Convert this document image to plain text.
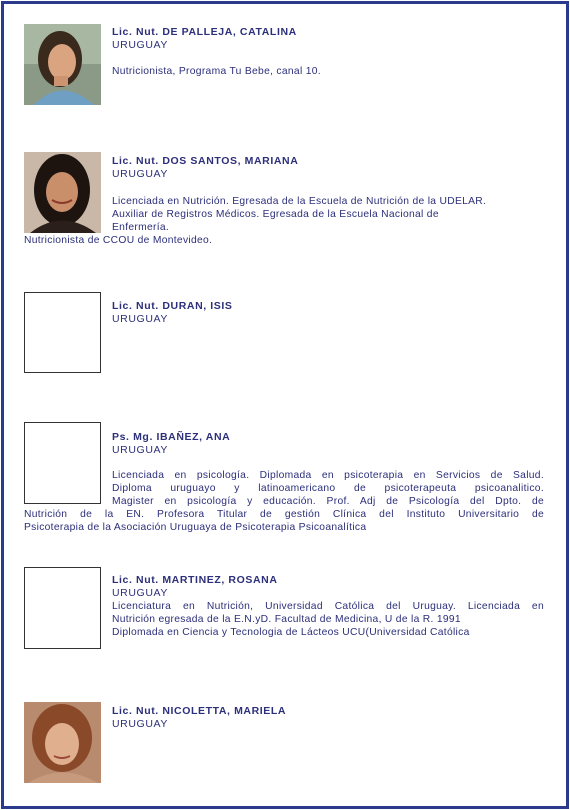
Lic. Nut. DE PALLEJA, CATALINA
URUGUAY
Nutricionista, Programa Tu Bebe, canal 10.
Lic. Nut. DOS SANTOS, MARIANA
URUGUAY
Licenciada en Nutrición. Egresada de la Escuela de Nutrición de la UDELAR.
Auxiliar de Registros Médicos. Egresada de la Escuela Nacional de
Enfermería.
Nutricionista de CCOU de Montevideo.
Lic. Nut. DURAN, ISIS
URUGUAY
Ps. Mg. IBAÑEZ, ANA
URUGUAY
Licenciada en psicología. Diplomada en psicoterapia en Servicios de Salud.
Diploma uruguayo y latinoamericano de psicoterapeuta psicoanalitico.
Magister en psicología y educación. Prof. Adj de Psicología del Dpto. de
Nutrición de la EN. Profesora Titular de gestión Clínica del Instituto Universitario de
Psicoterapia de la Asociación Uruguaya de Psicoterapia Psicoanalítica
Lic. Nut. MARTINEZ, ROSANA
URUGUAY
Licenciatura en Nutrición, Universidad Católica del Uruguay. Licenciada en
Nutrición egresada de la E.N.yD. Facultad de Medicina, U de la R. 1991
Diplomada en Ciencia y Tecnologia de Lácteos UCU(Universidad Católica
Lic. Nut. NICOLETTA, MARIELA
URUGUAY
